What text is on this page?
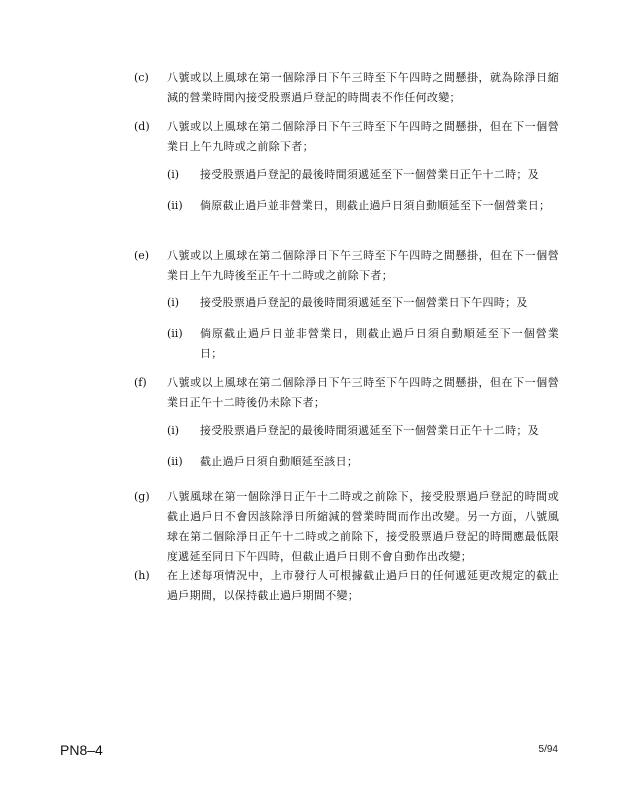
(c) 八號或以上風球在第一個除淨日下午三時至下午四時之間懸掛，就為除淨日縮減的營業時間內接受股票過戶登記的時間表不作任何改變；
(d) 八號或以上風球在第二個除淨日下午三時至下午四時之間懸掛，但在下一個營業日上午九時或之前除下者；
(i) 接受股票過戶登記的最後時間須遞延至下一個營業日正午十二時；及
(ii) 倘原截止過戶並非營業日，則截止過戶日須自動順延至下一個營業日；
(e) 八號或以上風球在第二個除淨日下午三時至下午四時之間懸掛，但在下一個營業日上午九時後至正午十二時或之前除下者；
(i) 接受股票過戶登記的最後時間須遞延至下一個營業日下午四時；及
(ii) 倘原截止過戶日並非營業日，則截止過戶日須自動順延至下一個營業日；
(f) 八號或以上風球在第二個除淨日下午三時至下午四時之間懸掛，但在下一個營業日正午十二時後仍未除下者；
(i) 接受股票過戶登記的最後時間須遞延至下一個營業日正午十二時；及
(ii) 截止過戶日須自動順延至該日；
(g) 八號風球在第一個除淨日正午十二時或之前除下，接受股票過戶登記的時間或截止過戶日不會因該除淨日所縮減的營業時間而作出改變。另一方面，八號風球在第二個除淨日正午十二時或之前除下，接受股票過戶登記的時間應最低限度遞延至同日下午四時，但截止過戶日則不會自動作出改變；
(h) 在上述每項情況中，上市發行人可根據截止過戶日的任何遞延更改規定的截止過戶期間，以保持截止過戶期間不變；
PN8–4	5/94
